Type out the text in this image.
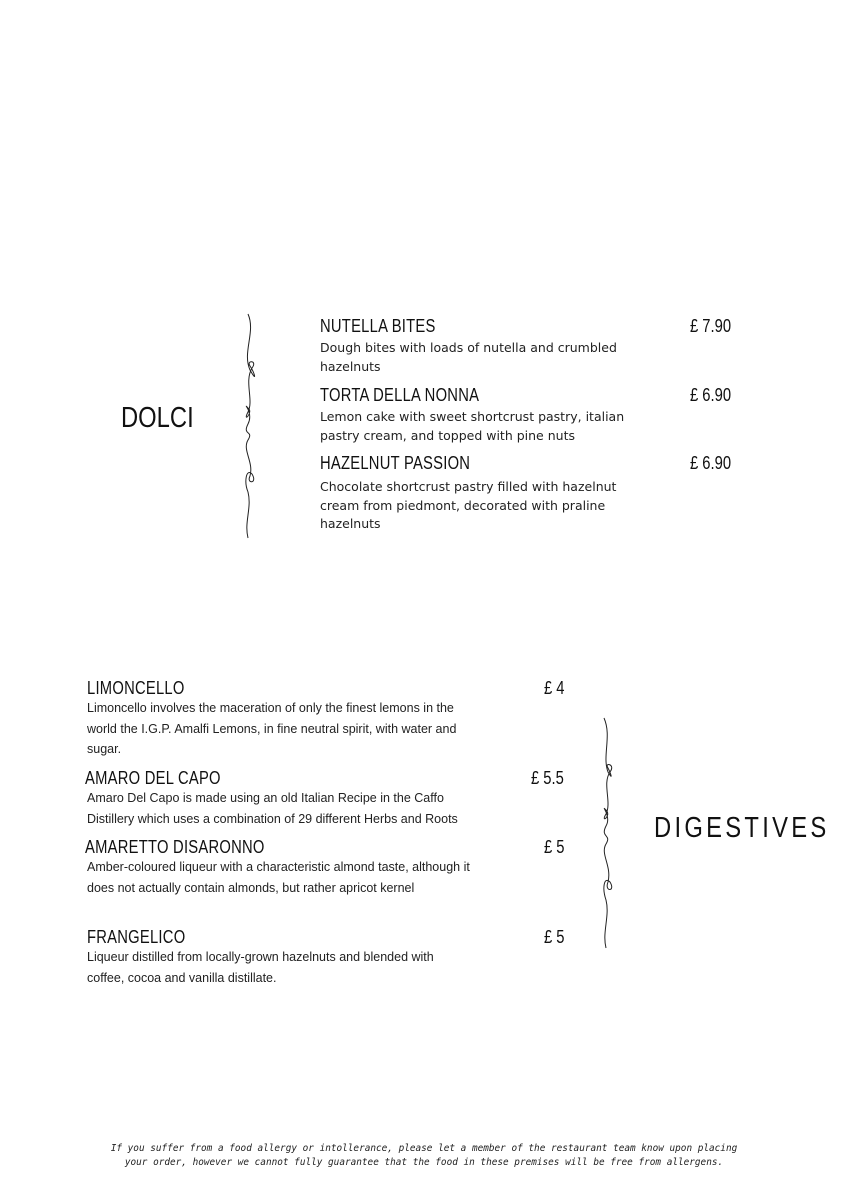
DOLCI
NUTELLA BITES	£ 7.90
Dough bites with loads of nutella and crumbled hazelnuts
TORTA DELLA NONNA	£ 6.90
Lemon cake with sweet shortcrust pastry, italian pastry cream, and topped with pine nuts
HAZELNUT PASSION	£ 6.90
Chocolate shortcrust pastry filled with hazelnut cream from piedmont, decorated with praline hazelnuts
LIMONCELLO	£ 4
Limoncello involves the maceration of only the finest lemons in the world the I.G.P. Amalfi Lemons, in fine neutral spirit, with water and sugar.
AMARO DEL CAPO	£ 5.5
Amaro Del Capo is made using an old Italian Recipe in the Caffo Distillery which uses a combination of 29 different Herbs and Roots
AMARETTO DISARONNO	£ 5
Amber-coloured liqueur with a characteristic almond taste, although it does not actually contain almonds, but rather apricot kernel
FRANGELICO	£ 5
Liqueur distilled from locally-grown hazelnuts and blended with coffee, cocoa and vanilla distillate.
DIGESTIVES
If you suffer from a food allergy or intollerance, please let a member of the restaurant team know upon placing
your order, however we cannot fully guarantee that the food in these premises will be free from allergens.
